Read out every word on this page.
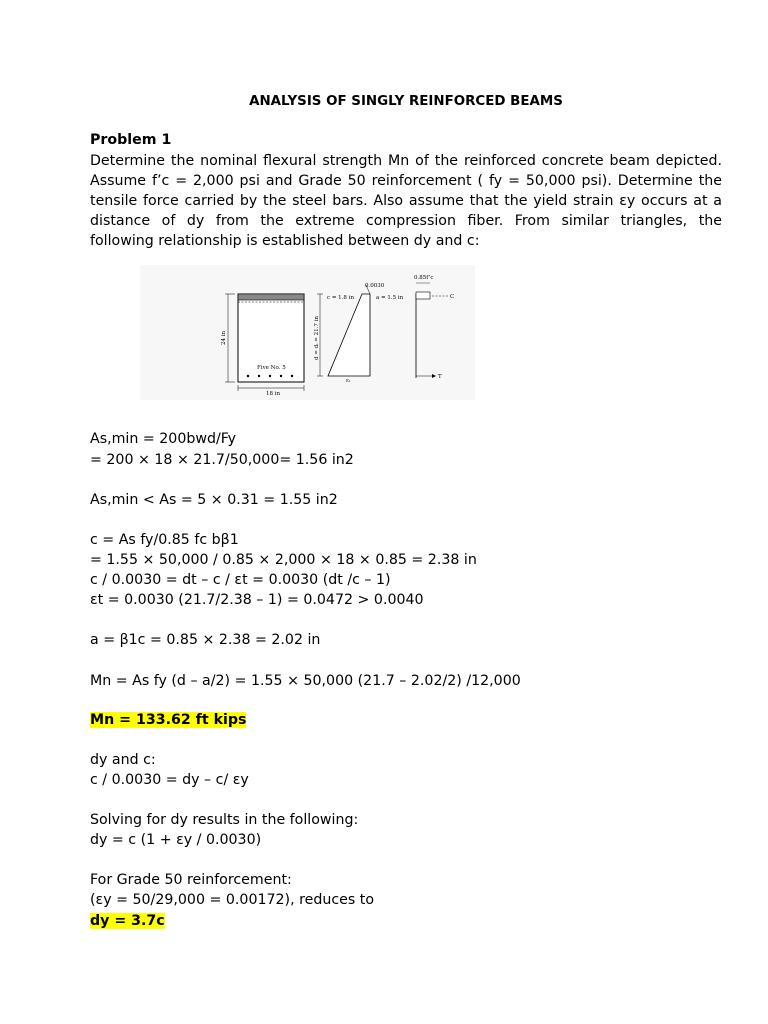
ANALYSIS OF SINGLY REINFORCED BEAMS
Problem 1
Determine the nominal flexural strength Mn of the reinforced concrete beam depicted.
Assume f’c = 2,000 psi and Grade 50 reinforcement ( fy = 50,000 psi). Determine the
tensile force carried by the steel bars. Also assume that the yield strain εy occurs at a
distance of dy from the extreme compression fiber. From similar triangles, the
following relationship is established between dy and c:
As,min = 200bwd/Fy
= 200 × 18 × 21.7/50,000= 1.56 in2
As,min < As = 5 × 0.31 = 1.55 in2
c = As fy/0.85 fc bβ1
= 1.55 × 50,000 / 0.85 × 2,000 × 18 × 0.85 = 2.38 in
c / 0.0030 = dt – c / εt = 0.0030 (dt /c – 1)
εt = 0.0030 (21.7/2.38 – 1) = 0.0472 > 0.0040
a = β1c = 0.85 × 2.38 = 2.02 in
Mn = As fy (d – a/2) = 1.55 × 50,000 (21.7 – 2.02/2) /12,000
Mn = 133.62 ft kips
dy and c:
c / 0.0030 = dy – c/ εy
Solving for dy results in the following:
dy = c (1 + εy / 0.0030)
For Grade 50 reinforcement:
(εy = 50/29,000 = 0.00172), reduces to
dy = 3.7c
Five No. 5
24 in
18 in
d = dₜ = 21.7 in
c = 1.8 in
0.0030
εₜ
a = 1.5 in
0.85f’c
C
T
